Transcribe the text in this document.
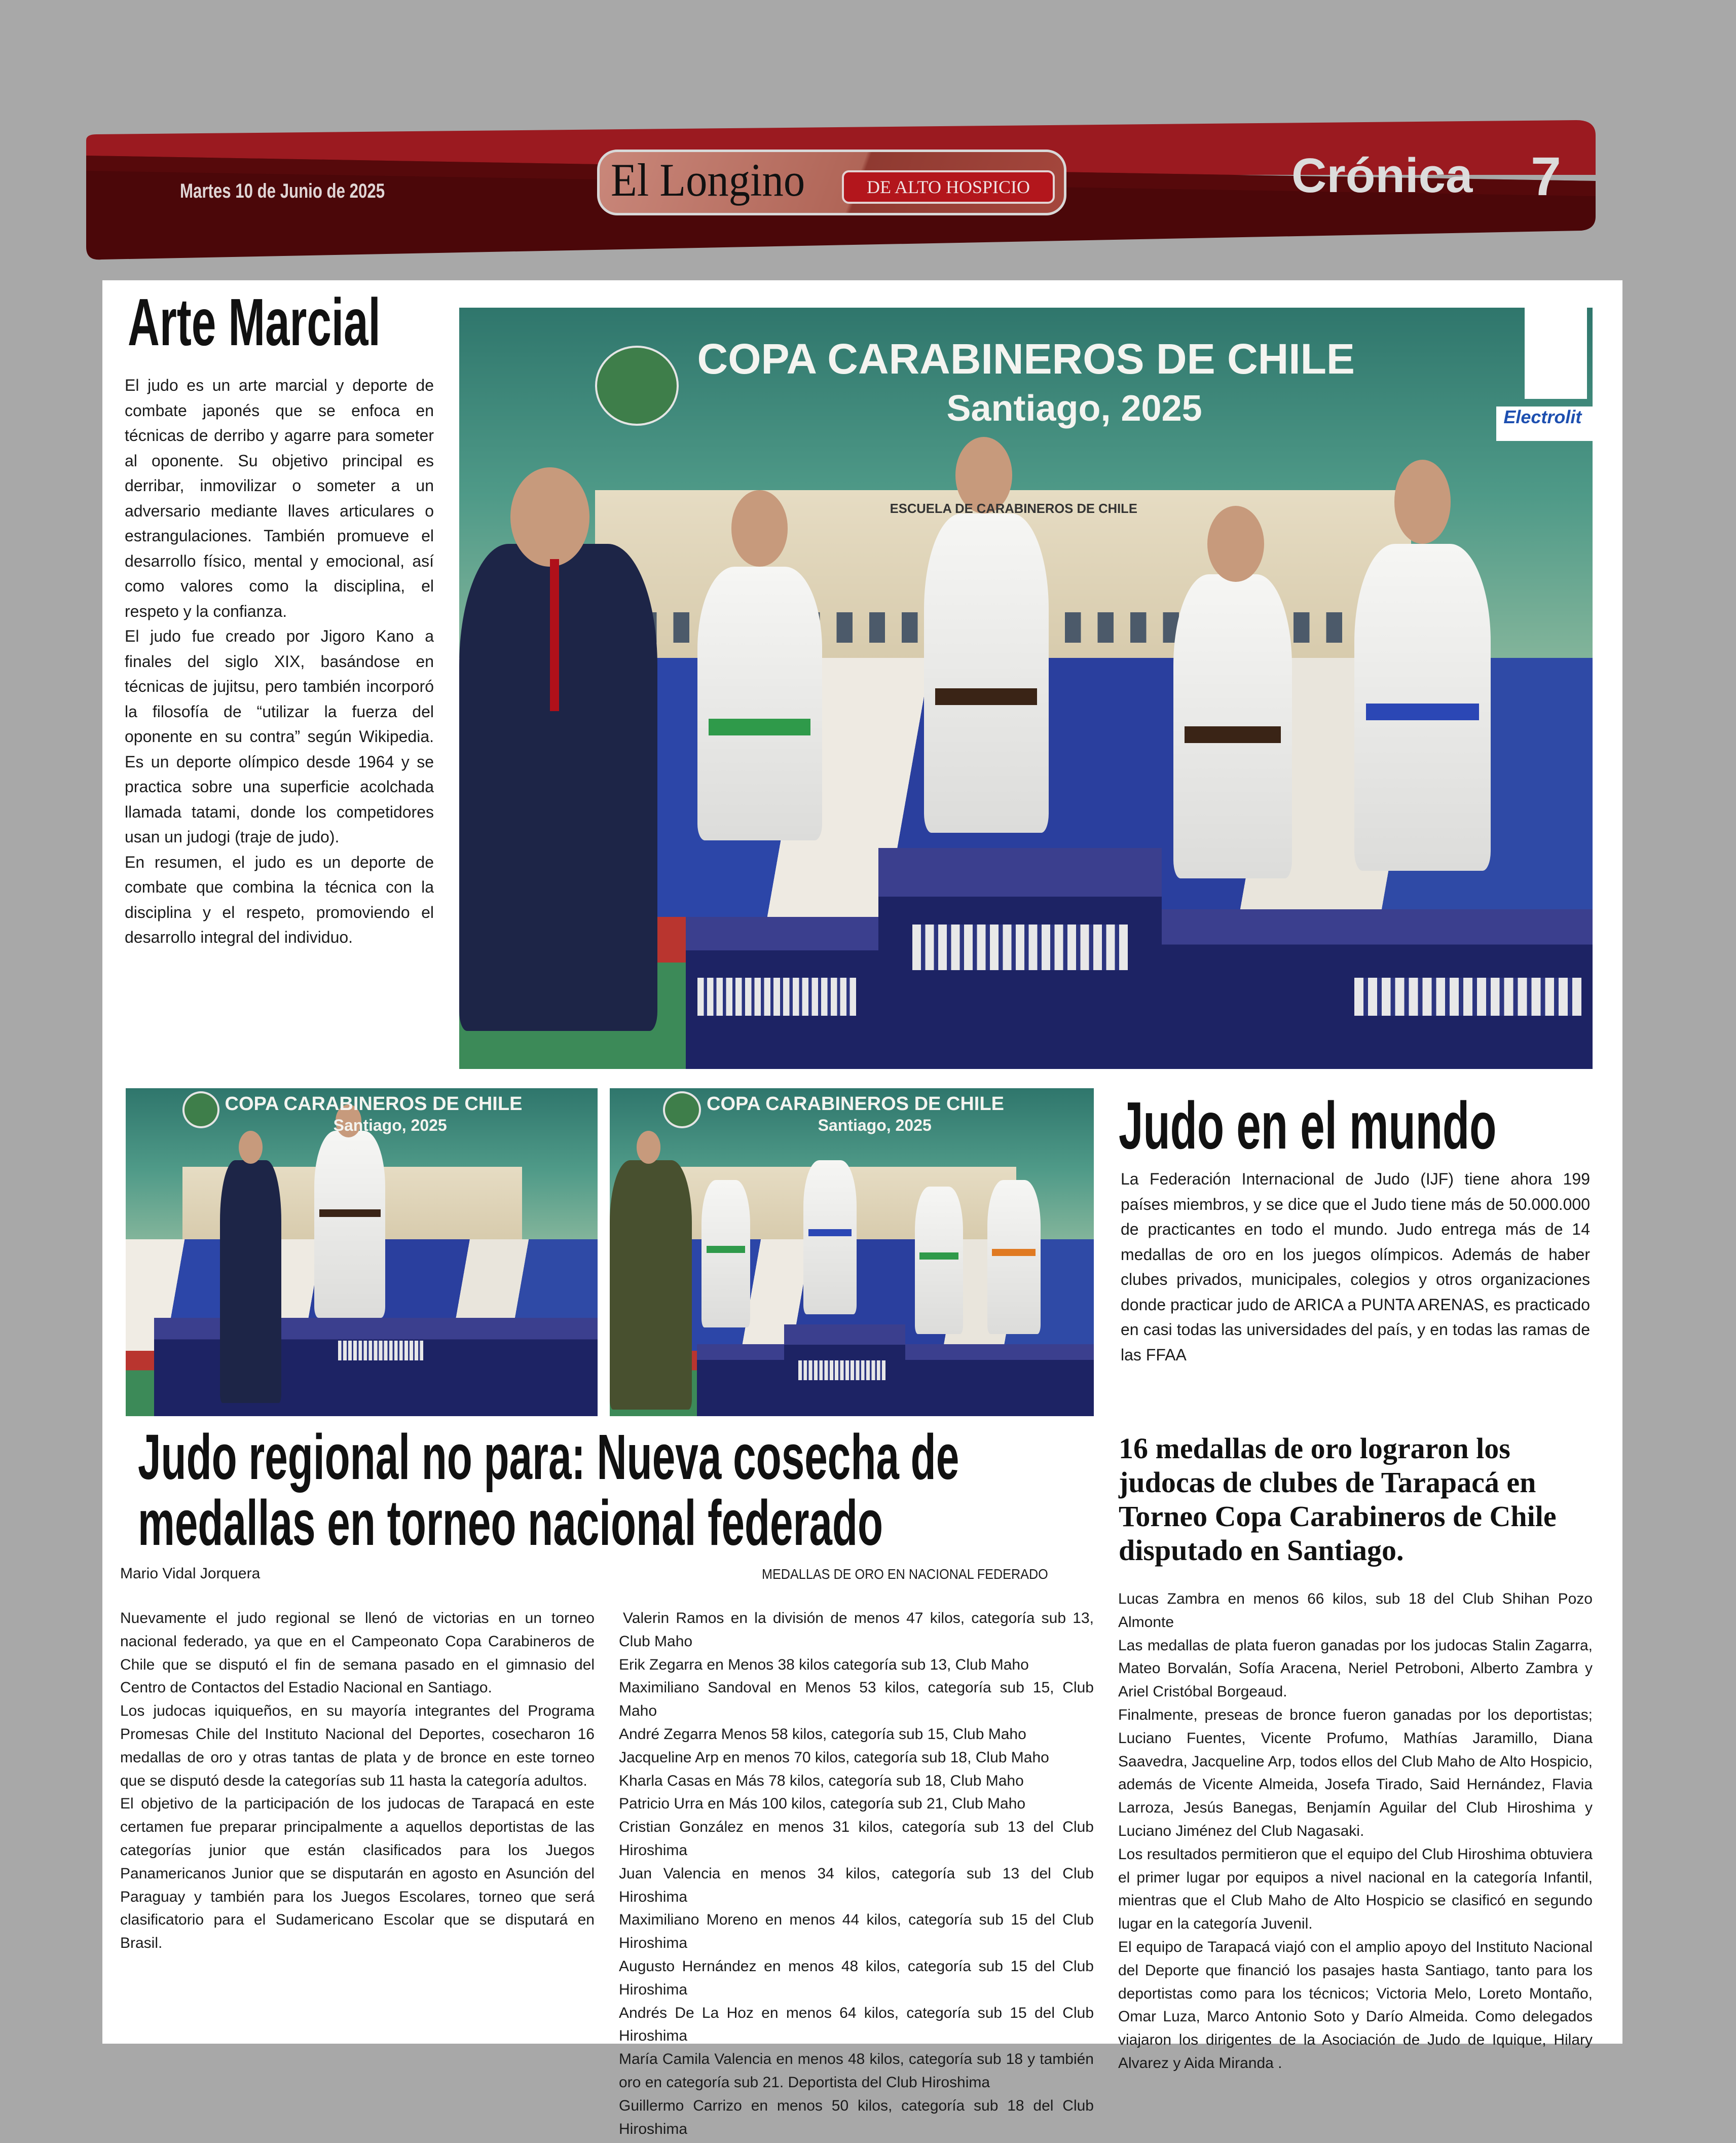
Martes 10 de Junio de 2025	El Longino	DE ALTO HOSPICIO	Crónica 7
Arte Marcial

El judo es un arte marcial y deporte de combate japonés que se enfoca en técnicas de derribo y agarre para someter al oponente. Su objetivo principal es derribar, inmovilizar o someter a un adversario mediante llaves articulares o estrangulaciones. También promueve el desarrollo físico, mental y emocional, así como valores como la disciplina, el respeto y la confianza.

El judo fue creado por Jigoro Kano a finales del siglo XIX, basándose en técnicas de jujitsu, pero también incorporó la filosofía de “utilizar la fuerza del oponente en su contra” según Wikipedia. Es un deporte olímpico desde 1964 y se practica sobre una superficie acolchada llamada tatami, donde los competidores usan un judogi (traje de judo).

En resumen, el judo es un deporte de combate que combina la técnica con la disciplina y el respeto, promoviendo el desarrollo integral del individuo.

COPA CARABINEROS DE CHILE
Santiago, 2025
ESCUELA DE CARABINEROS DE CHILE
Electrolit
COPA CARABINEROS DE CHILE
Santiago, 2025
COPA CARABINEROS DE CHILE
Santiago, 2025	Judo en el mundo
La Federación Internacional de Judo (IJF) tiene ahora 199 países miembros, y se dice que el Judo tiene más de 50.000.000 de practicantes en todo el mundo. Judo entrega más de 14 medallas de oro en los juegos olímpicos. Además de haber clubes privados, municipales, colegios y otros organizaciones donde practicar judo de ARICA a PUNTA ARENAS, es practicado en casi todas las universidades del país, y en todas las ramas de las FFAA
Judo regional no para: Nueva cosecha de
medallas en torneo nacional federado
16 medallas de oro lograron los judocas de clubes de Tarapacá en Torneo Copa Carabineros de Chile disputado en Santiago.
Mario Vidal Jorquera

Nuevamente el judo regional se llenó de victorias en un torneo nacional federado, ya que en el Campeonato Copa Carabineros de Chile que se disputó el fin de semana pasado en el gimnasio del Centro de Contactos del Estadio Nacional en Santiago.

Los judocas iquiqueños, en su mayoría integrantes del Programa Promesas Chile del Instituto Nacional del Deportes, cosecharon 16 medallas de oro y otras tantas de plata y de bronce en este torneo que se disputó desde la categorías sub 11 hasta la categoría adultos.

El objetivo de la participación de los judocas de Tarapacá en este certamen fue preparar principalmente a aquellos deportistas de las categorías junior que están clasificados para los Juegos Panamericanos Junior que se disputarán en agosto en Asunción del Paraguay y también para los Juegos Escolares, torneo que será clasificatorio para el Sudamericano Escolar que se disputará en Brasil.

MEDALLAS DE ORO EN NACIONAL FEDERADO
Valerin Ramos en la división de menos 47 kilos, categoría sub 13, Club Maho
Erik Zegarra en Menos 38 kilos categoría sub 13, Club Maho
Maximiliano Sandoval en Menos 53 kilos, categoría sub 15, Club Maho
André Zegarra Menos 58 kilos, categoría sub 15, Club Maho
Jacqueline Arp en menos 70 kilos, categoría sub 18, Club Maho
Kharla Casas en Más 78 kilos, categoría sub 18, Club Maho
Patricio Urra en Más 100 kilos, categoría sub 21, Club Maho
Cristian González en menos 31 kilos, categoría sub 13 del Club Hiroshima
Juan Valencia en menos 34 kilos, categoría sub 13 del Club Hiroshima
Maximiliano Moreno en menos 44 kilos, categoría sub 15 del Club Hiroshima
Augusto Hernández en menos 48 kilos, categoría sub 15 del Club Hiroshima
Andrés De La Hoz en menos 64 kilos, categoría sub 15 del Club Hiroshima
María Camila Valencia en menos 48 kilos, categoría sub 18 y también oro en categoría sub 21. Deportista del Club Hiroshima
Guillermo Carrizo en menos 50 kilos, categoría sub 18 del Club Hiroshima

Lucas Zambra en menos 66 kilos, sub 18 del Club Shihan Pozo Almonte

Las medallas de plata fueron ganadas por los judocas Stalin Zagarra, Mateo Borvalán, Sofía Aracena, Neriel Petroboni, Alberto Zambra y Ariel Cristóbal Borgeaud.

Finalmente, preseas de bronce fueron ganadas por los deportistas; Luciano Fuentes, Vicente Profumo, Mathías Jaramillo, Diana Saavedra, Jacqueline Arp, todos ellos del Club Maho de Alto Hospicio, además de Vicente Almeida, Josefa Tirado, Said Hernández, Flavia Larroza, Jesús Banegas, Benjamín Aguilar del Club Hiroshima y Luciano Jiménez del Club Nagasaki.

Los resultados permitieron que el equipo del Club Hiroshima obtuviera el primer lugar por equipos a nivel nacional en la categoría Infantil, mientras que el Club Maho de Alto Hospicio se clasificó en segundo lugar en la categoría Juvenil.

El equipo de Tarapacá viajó con el amplio apoyo del Instituto Nacional del Deporte que financió los pasajes hasta Santiago, tanto para los deportistas como para los técnicos; Victoria Melo, Loreto Montaño, Omar Luza, Marco Antonio Soto y Darío Almeida. Como delegados viajaron los dirigentes de la Asociación de Judo de Iquique, Hilary Alvarez y Aida Miranda .
